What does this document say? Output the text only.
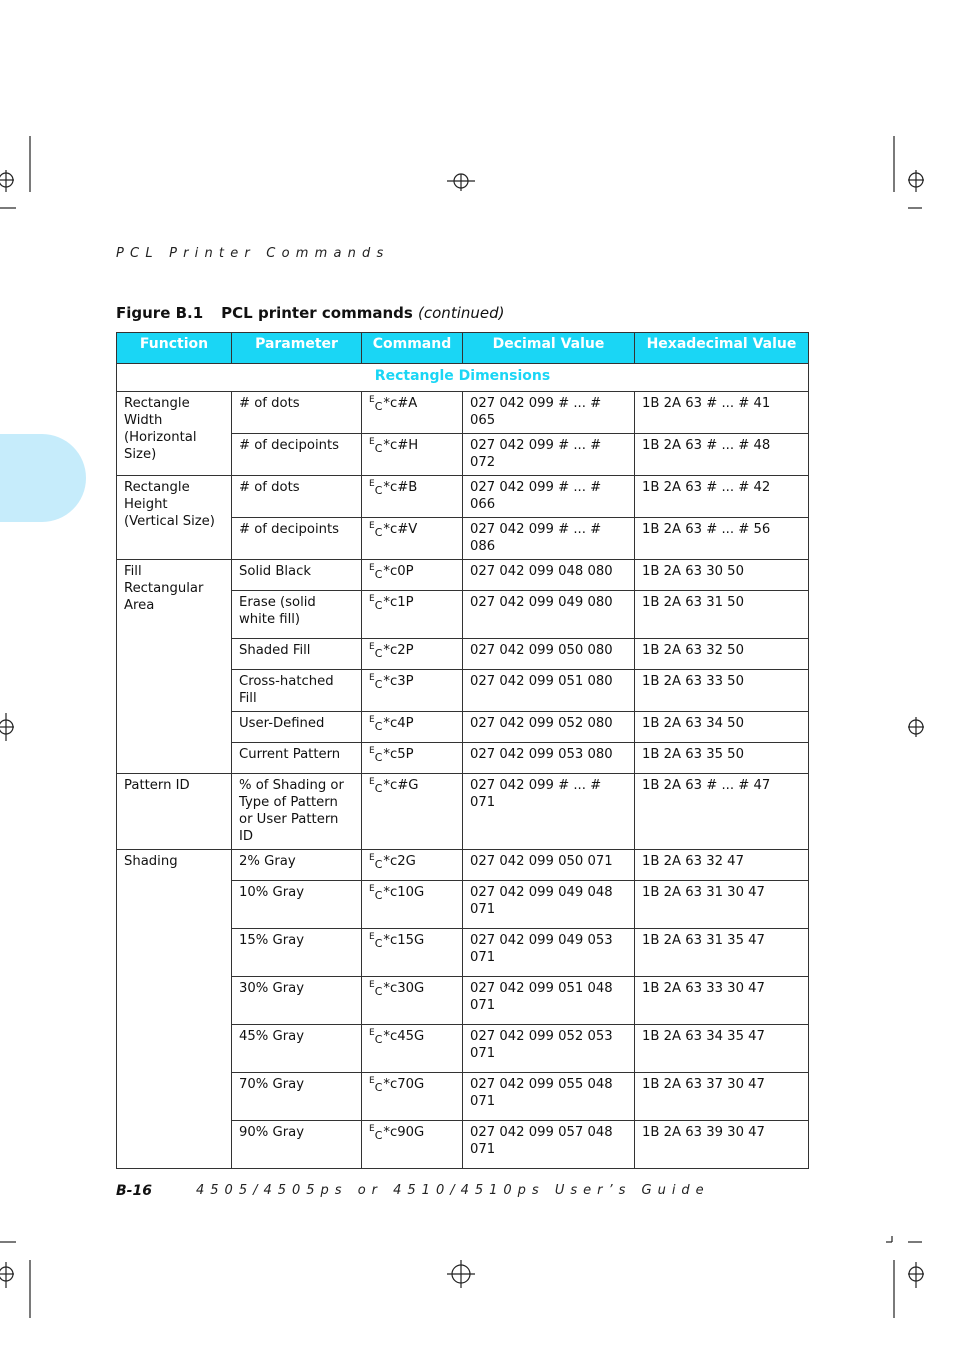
PCL Printer Commands
Figure B.1 PCL printer commands (continued)
Function	Parameter	Command	Decimal Value	Hexadecimal Value
Rectangle Dimensions				
Rectangle Width (Horizontal Size)	# of dots	$^E_C$*c#A	027 042 099 # ... # 065	1B 2A 63 # ... # 41
	# of decipoints	$^E_C$*c#H	027 042 099 # ... # 072	1B 2A 63 # ... # 48
Rectangle Height (Vertical Size)	# of dots	$^E_C$*c#B	027 042 099 # ... # 066	1B 2A 63 # ... # 42
	# of decipoints	$^E_C$*c#V	027 042 099 # ... # 086	1B 2A 63 # ... # 56
Fill Rectangular Area	Solid Black	$^E_C$*c0P	027 042 099 048 080	1B 2A 63 30 50
	Erase (solid white fill)	$^E_C$*c1P	027 042 099 049 080	1B 2A 63 31 50
	Shaded Fill	$^E_C$*c2P	027 042 099 050 080	1B 2A 63 32 50
	Cross-hatched Fill	$^E_C$*c3P	027 042 099 051 080	1B 2A 63 33 50
	User-Defined	$^E_C$*c4P	027 042 099 052 080	1B 2A 63 34 50
	Current Pattern	$^E_C$*c5P	027 042 099 053 080	1B 2A 63 35 50
Pattern ID	% of Shading or Type of Pattern or User Pattern ID	$^E_C$*c#G	027 042 099 # ... # 071	1B 2A 63 # ... # 47
Shading	2% Gray	$^E_C$*c2G	027 042 099 050 071	1B 2A 63 32 47
	10% Gray	$^E_C$*c10G	027 042 099 049 048 071	1B 2A 63 31 30 47
	15% Gray	$^E_C$*c15G	027 042 099 049 053 071	1B 2A 63 31 35 47
	30% Gray	$^E_C$*c30G	027 042 099 051 048 071	1B 2A 63 33 30 47
	45% Gray	$^E_C$*c45G	027 042 099 052 053 071	1B 2A 63 34 35 47
	70% Gray	$^E_C$*c70G	027 042 099 055 048 071	1B 2A 63 37 30 47
	90% Gray	$^E_C$*c90G	027 042 099 057 048 071	1B 2A 63 39 30 47
B-16	4505/4505ps or 4510/4510ps User’s Guide
